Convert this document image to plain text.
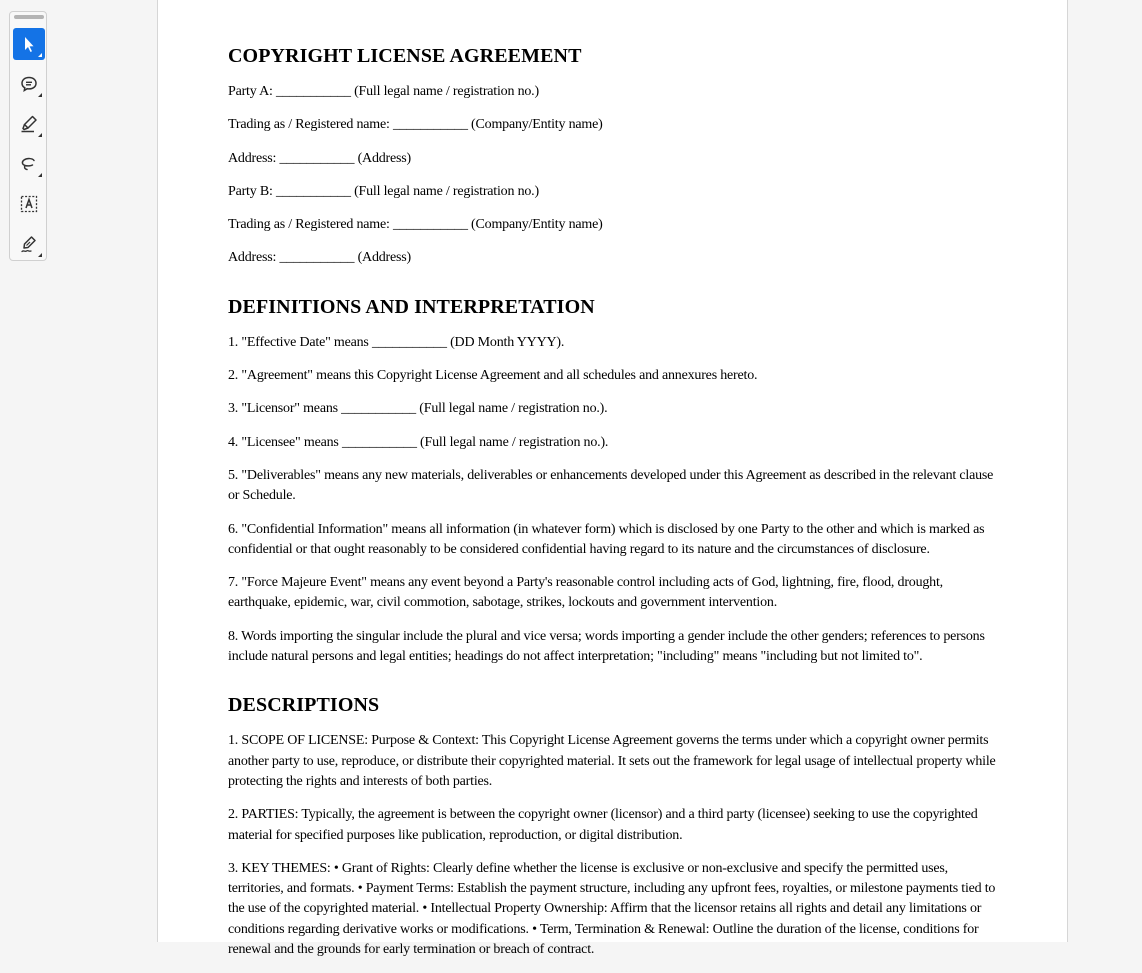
COPYRIGHT LICENSE AGREEMENT

Party A: ___________ (Full legal name / registration no.)

Trading as / Registered name: ___________ (Company/Entity name)

Address: ___________ (Address)

Party B: ___________ (Full legal name / registration no.)

Trading as / Registered name: ___________ (Company/Entity name)

Address: ___________ (Address)

DEFINITIONS AND INTERPRETATION

1. "Effective Date" means ___________ (DD Month YYYY).

2. "Agreement" means this Copyright License Agreement and all schedules and annexures hereto.

3. "Licensor" means ___________ (Full legal name / registration no.).

4. "Licensee" means ___________ (Full legal name / registration no.).

5. "Deliverables" means any new materials, deliverables or enhancements developed under this Agreement as described in the relevant clause or Schedule.

6. "Confidential Information" means all information (in whatever form) which is disclosed by one Party to the other and which is marked as confidential or that ought reasonably to be considered confidential having regard to its nature and the circumstances of disclosure.

7. "Force Majeure Event" means any event beyond a Party's reasonable control including acts of God, lightning, fire, flood, drought, earthquake, epidemic, war, civil commotion, sabotage, strikes, lockouts and government intervention.

8. Words importing the singular include the plural and vice versa; words importing a gender include the other genders; references to persons include natural persons and legal entities; headings do not affect interpretation; "including" means "including but not limited to".

DESCRIPTIONS

1. SCOPE OF LICENSE: Purpose & Context: This Copyright License Agreement governs the terms under which a copyright owner permits another party to use, reproduce, or distribute their copyrighted material. It sets out the framework for legal usage of intellectual property while protecting the rights and interests of both parties.

2. PARTIES: Typically, the agreement is between the copyright owner (licensor) and a third party (licensee) seeking to use the copyrighted material for specified purposes like publication, reproduction, or digital distribution.

3. KEY THEMES: • Grant of Rights: Clearly define whether the license is exclusive or non-exclusive and specify the permitted uses, territories, and formats. • Payment Terms: Establish the payment structure, including any upfront fees, royalties, or milestone payments tied to the use of the copyrighted material. • Intellectual Property Ownership: Affirm that the licensor retains all rights and detail any limitations or conditions regarding derivative works or modifications. • Term, Termination & Renewal: Outline the duration of the license, conditions for renewal and the grounds for early termination or breach of contract.
